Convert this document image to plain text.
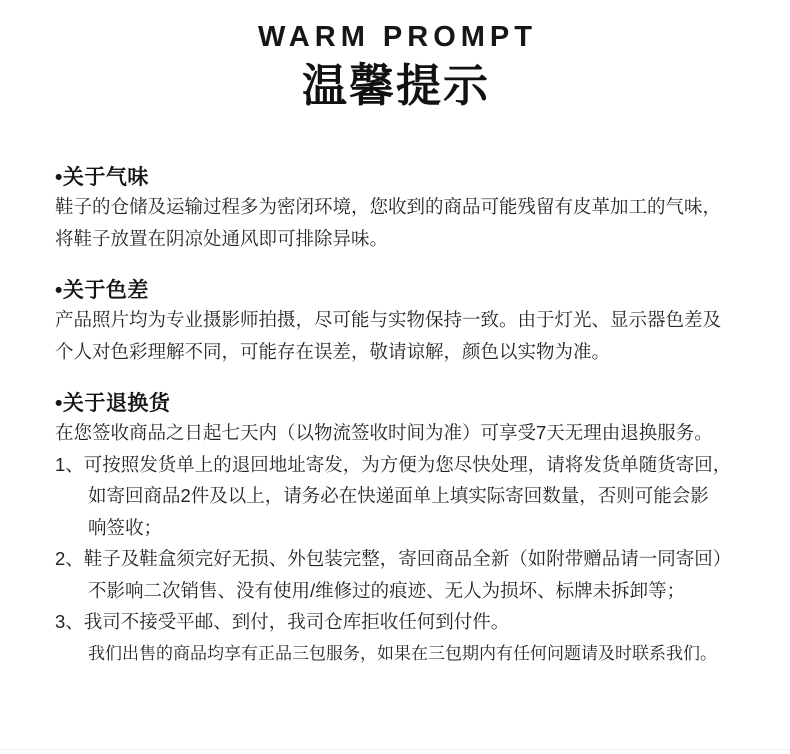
WARM PROMPT
温馨提示
•关于气味

鞋子的仓储及运输过程多为密闭环境，您收到的商品可能残留有皮革加工的气味，

将鞋子放置在阴凉处通风即可排除异味。

•关于色差

产品照片均为专业摄影师拍摄，尽可能与实物保持一致。由于灯光、显示器色差及

个人对色彩理解不同，可能存在误差，敬请谅解，颜色以实物为准。

•关于退换货

在您签收商品之日起七天内（以物流签收时间为准）可享受7天无理由退换服务。

1、可按照发货单上的退回地址寄发，为方便为您尽快处理，请将发货单随货寄回，

如寄回商品2件及以上，请务必在快递面单上填实际寄回数量，否则可能会影

响签收；

2、鞋子及鞋盒须完好无损、外包装完整，寄回商品全新（如附带赠品请一同寄回）

不影响二次销售、没有使用/维修过的痕迹、无人为损坏、标牌未拆卸等；

3、我司不接受平邮、到付，我司仓库拒收任何到付件。

我们出售的商品均享有正品三包服务，如果在三包期内有任何问题请及时联系我们。
